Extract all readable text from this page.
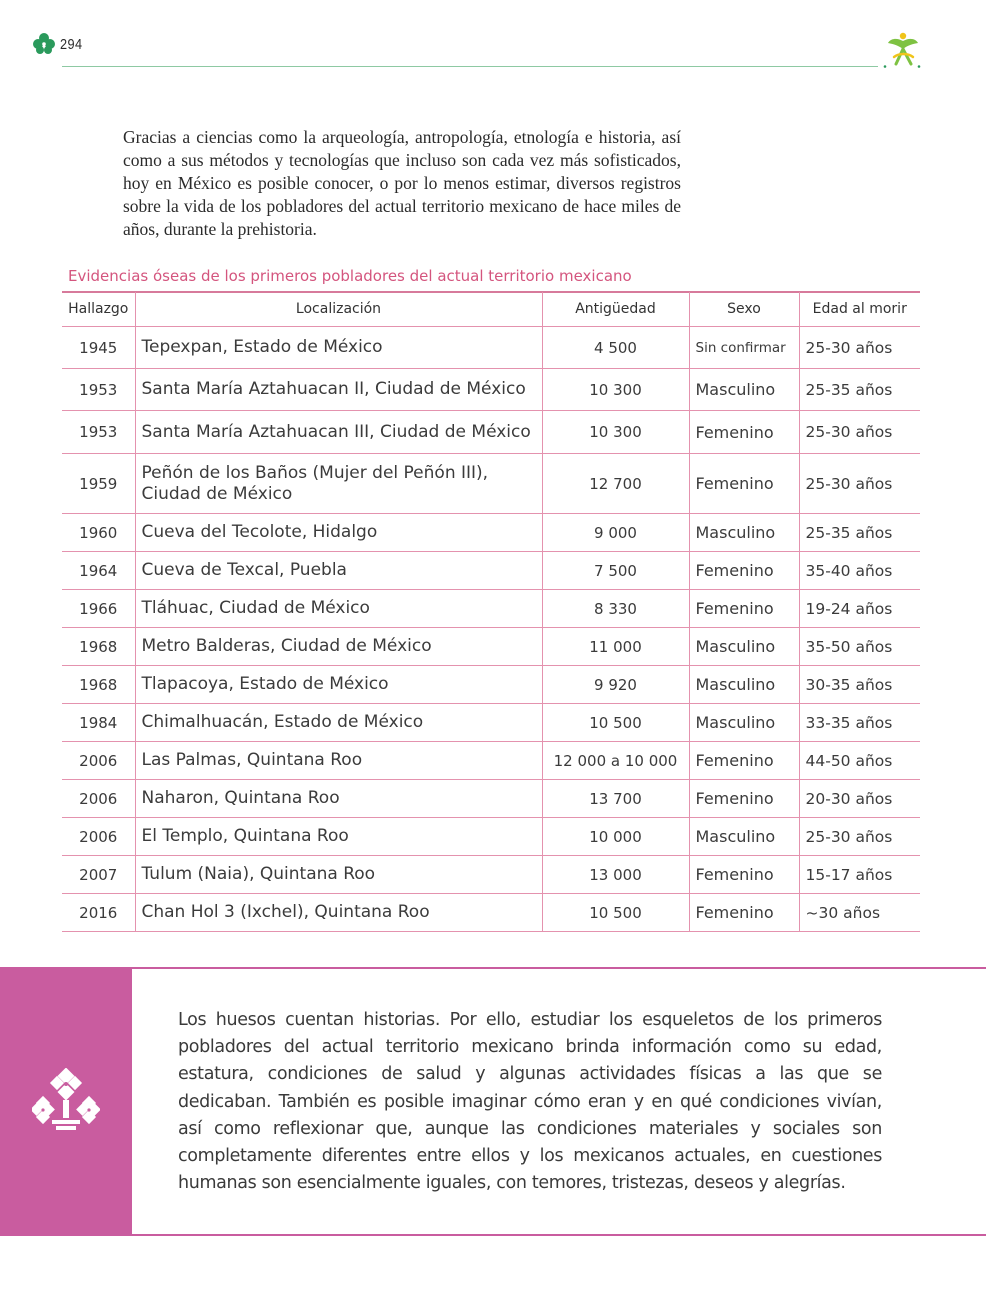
294

Gracias a ciencias como la arqueología, antropología, etnología e historia, así como a sus métodos y tecnologías que incluso son cada vez más sofisticados, hoy en México es posible conocer, o por lo menos estimar, diversos registros sobre la vida de los pobladores del actual territorio mexicano de hace miles de años, durante la prehistoria.

Evidencias óseas de los primeros pobladores del actual territorio mexicano
Hallazgo	Localización	Antigüedad	Sexo	Edad al morir
1945	Tepexpan, Estado de México	4 500	Sin confirmar	25-30 años
1953	Santa María Aztahuacan II, Ciudad de México	10 300	Masculino	25-35 años
1953	Santa María Aztahuacan III, Ciudad de México	10 300	Femenino	25-30 años
1959	Peñón de los Baños (Mujer del Peñón III), Ciudad de México	12 700	Femenino	25-30 años
1960	Cueva del Tecolote, Hidalgo	9 000	Masculino	25-35 años
1964	Cueva de Texcal, Puebla	7 500	Femenino	35-40 años
1966	Tláhuac, Ciudad de México	8 330	Femenino	19-24 años
1968	Metro Balderas, Ciudad de México	11 000	Masculino	35-50 años
1968	Tlapacoya, Estado de México	9 920	Masculino	30-35 años
1984	Chimalhuacán, Estado de México	10 500	Masculino	33-35 años
2006	Las Palmas, Quintana Roo	12 000 a 10 000	Femenino	44-50 años
2006	Naharon, Quintana Roo	13 700	Femenino	20-30 años
2006	El Templo, Quintana Roo	10 000	Masculino	25-30 años
2007	Tulum (Naia), Quintana Roo	13 000	Femenino	15-17 años
2016	Chan Hol 3 (Ixchel), Quintana Roo	10 500	Femenino	~30 años

Los huesos cuentan historias. Por ello, estudiar los esqueletos de los primeros pobladores del actual territorio mexicano brinda información como su edad, estatura, condiciones de salud y algunas actividades físicas a las que se dedicaban. También es posible imaginar cómo eran y en qué condiciones vivían, así como reflexionar que, aunque las condiciones materiales y sociales son completamente diferentes entre ellos y los mexicanos actuales, en cuestiones humanas son esencialmente iguales, con temores, tristezas, deseos y alegrías.
